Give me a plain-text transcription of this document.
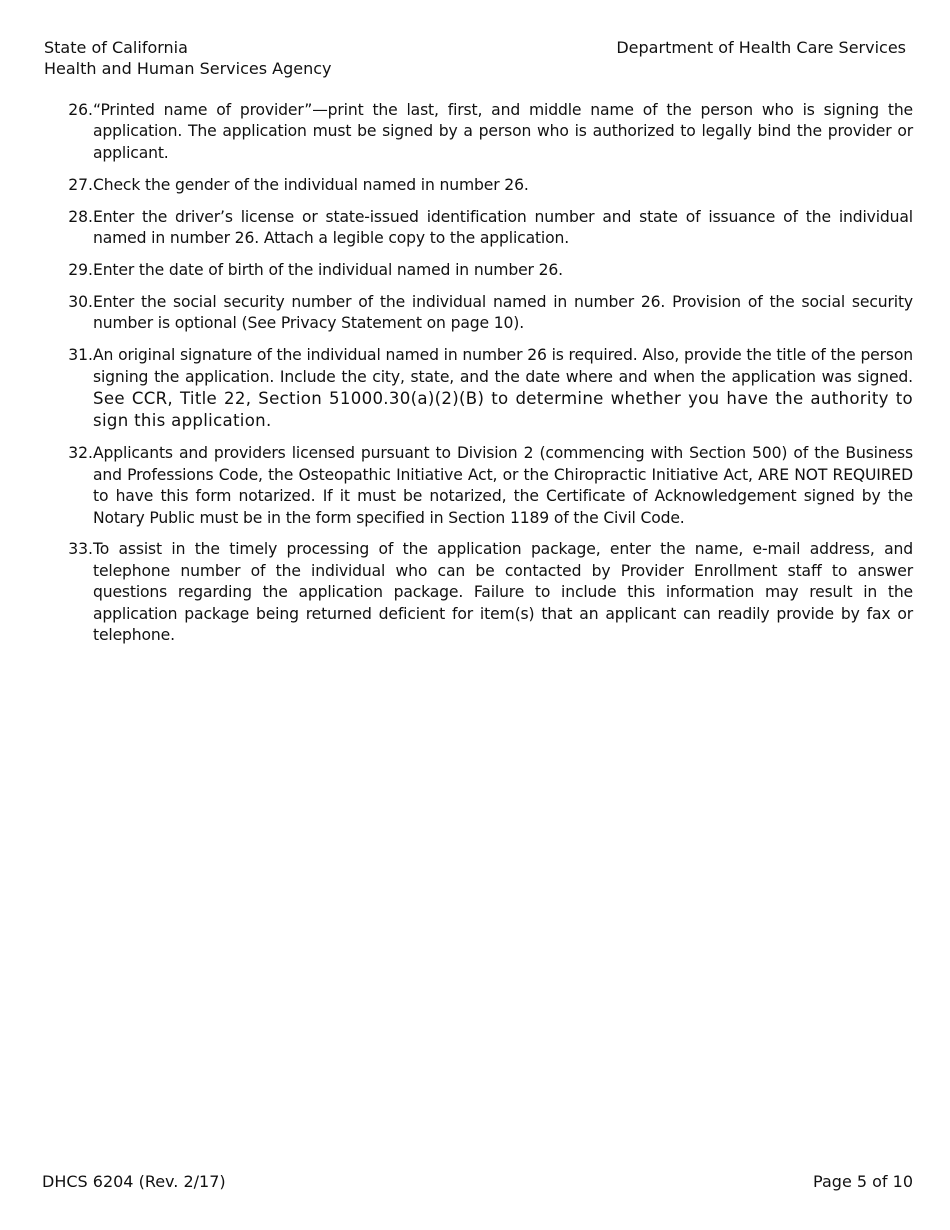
State of California
Health and Human Services Agency
Department of Health Care Services
26. “Printed name of provider”—print the last, first, and middle name of the person who is signing the application. The application must be signed by a person who is authorized to legally bind the provider or applicant.
27. Check the gender of the individual named in number 26.
28. Enter the driver’s license or state-issued identification number and state of issuance of the individual named in number 26. Attach a legible copy to the application.
29. Enter the date of birth of the individual named in number 26.
30. Enter the social security number of the individual named in number 26. Provision of the social security number is optional (See Privacy Statement on page 10).
31. An original signature of the individual named in number 26 is required. Also, provide the title of the person signing the application. Include the city, state, and the date where and when the application was signed. See CCR, Title 22, Section 51000.30(a)(2)(B) to determine whether you have the authority to sign this application.
32. Applicants and providers licensed pursuant to Division 2 (commencing with Section 500) of the Business and Professions Code, the Osteopathic Initiative Act, or the Chiropractic Initiative Act, ARE NOT REQUIRED to have this form notarized. If it must be notarized, the Certificate of Acknowledgement signed by the Notary Public must be in the form specified in Section 1189 of the Civil Code.
33. To assist in the timely processing of the application package, enter the name, e-mail address, and telephone number of the individual who can be contacted by Provider Enrollment staff to answer questions regarding the application package. Failure to include this information may result in the application package being returned deficient for item(s) that an applicant can readily provide by fax or telephone.
DHCS 6204 (Rev. 2/17)	Page 5 of 10
